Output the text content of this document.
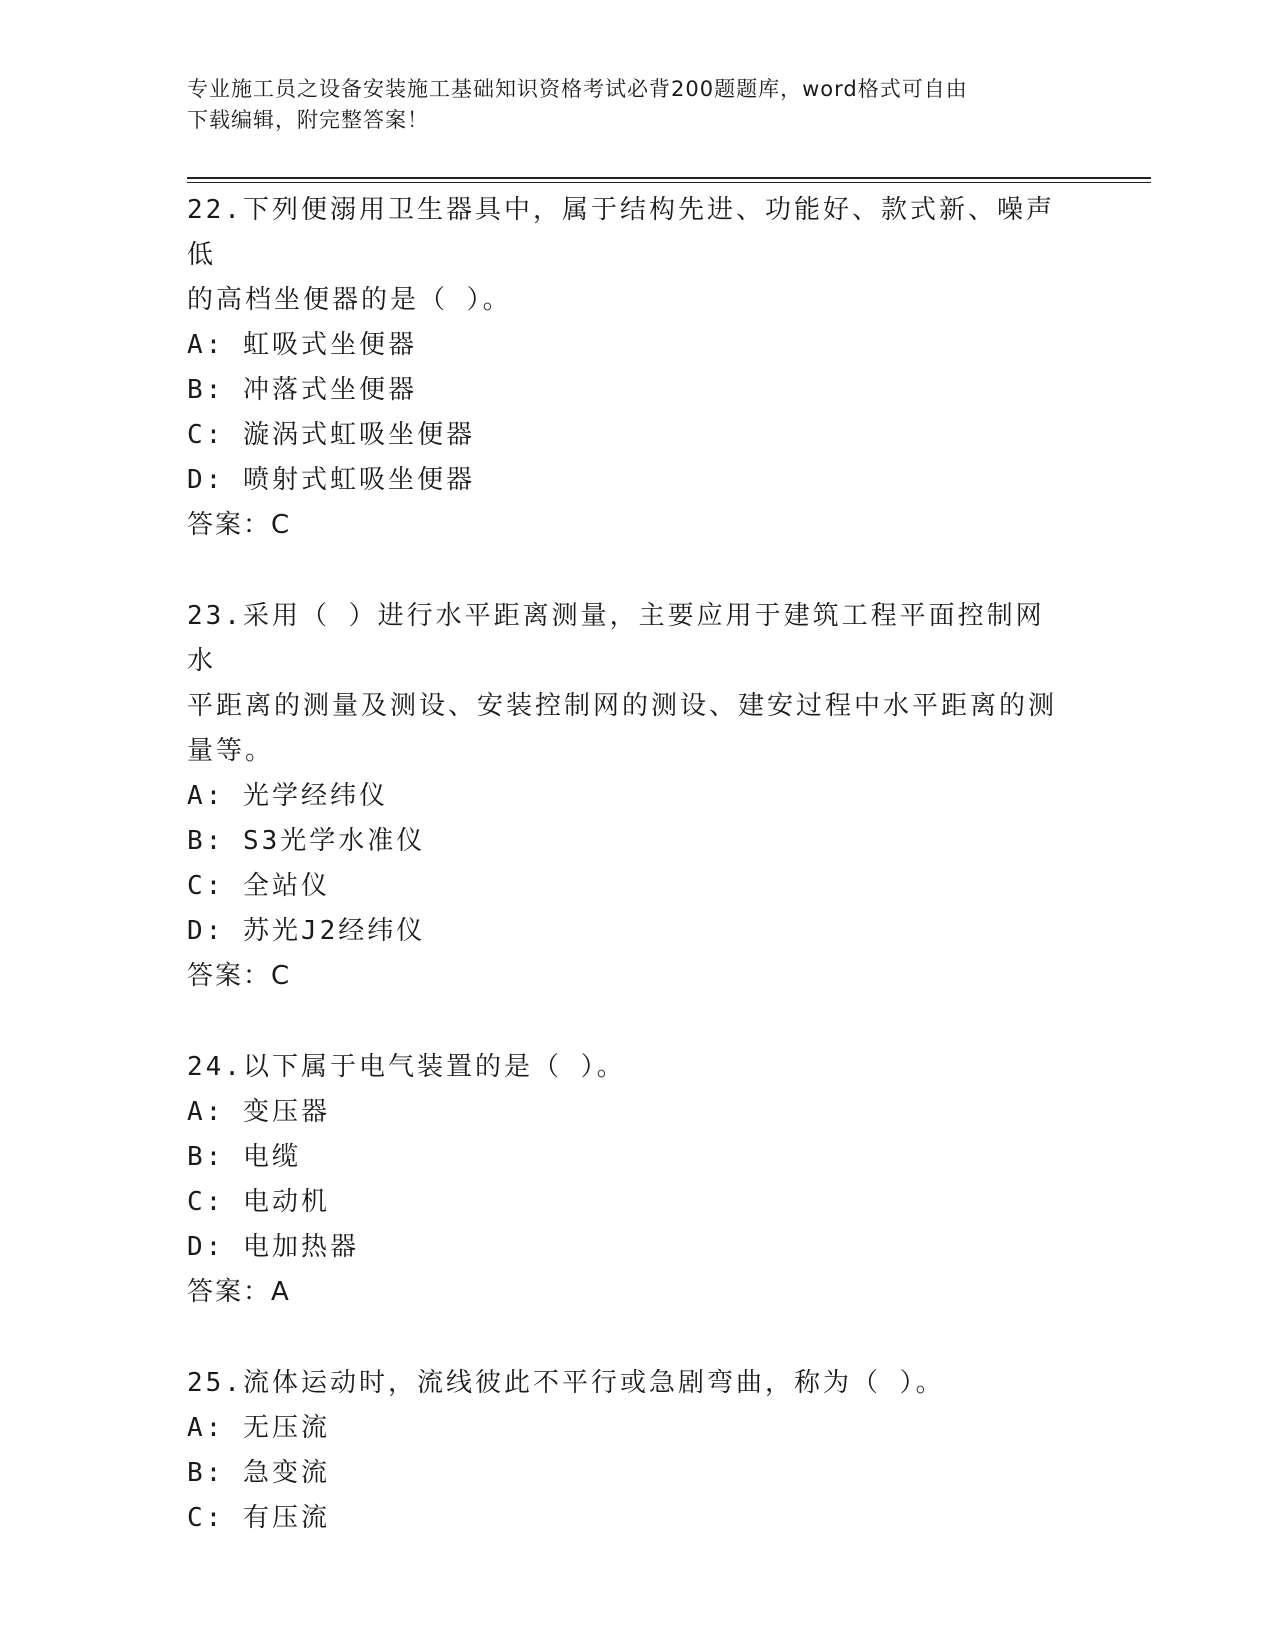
专业施工员之设备安装施工基础知识资格考试必背200题题库，word格式可自由
下载编辑，附完整答案！
22.下列便溺用卫生器具中，属于结构先进、功能好、款式新、噪声低
的高档坐便器的是（ ）。
A: 虹吸式坐便器
B: 冲落式坐便器
C: 漩涡式虹吸坐便器
D: 喷射式虹吸坐便器
答案：C
23.采用（ ）进行水平距离测量，主要应用于建筑工程平面控制网水
平距离的测量及测设、安装控制网的测设、建安过程中水平距离的测
量等。
A: 光学经纬仪
B: S3光学水准仪
C: 全站仪
D: 苏光J2经纬仪
答案：C
24.以下属于电气装置的是（ ）。
A: 变压器
B: 电缆
C: 电动机
D: 电加热器
答案：A
25.流体运动时，流线彼此不平行或急剧弯曲，称为（ ）。
A: 无压流
B: 急变流
C: 有压流
